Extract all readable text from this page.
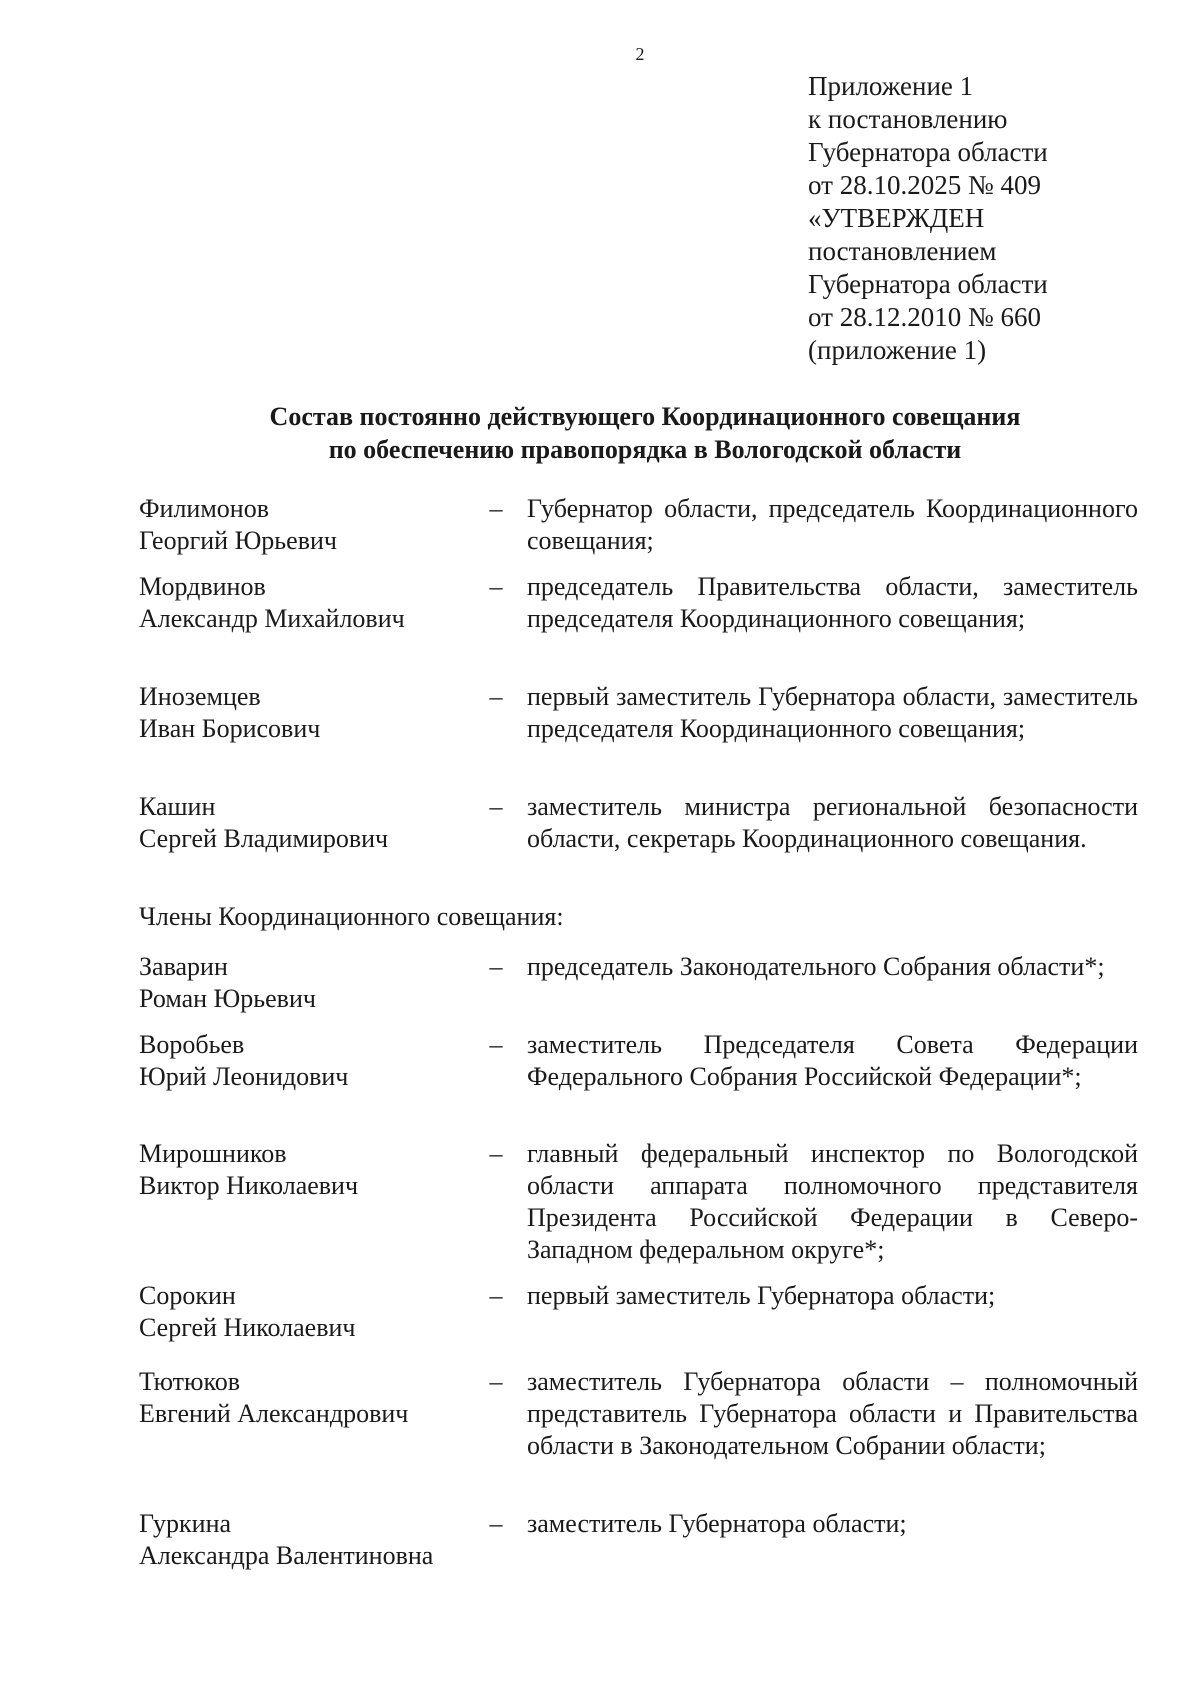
2
Приложение 1
к постановлению
Губернатора области
от 28.10.2025 № 409
«УТВЕРЖДЕН
постановлением
Губернатора области
от 28.12.2010 № 660
(приложение 1)
Состав постоянно действующего Координационного совещания
по обеспечению правопорядка в Вологодской области
Филимонов
Георгий Юрьевич
– Губернатор области, председатель Координационного совещания;
Мордвинов
Александр Михайлович
– председатель Правительства области, заместитель председателя Координационного совещания;
Иноземцев
Иван Борисович
– первый заместитель Губернатора области, заместитель председателя Координационного совещания;
Кашин
Сергей Владимирович
– заместитель министра региональной безопасности области, секретарь Координационного совещания.
Члены Координационного совещания:
Заварин
Роман Юрьевич
– председатель Законодательного Собрания области*;
Воробьев
Юрий Леонидович
– заместитель Председателя Совета Федерации Федерального Собрания Российской Федерации*;
Мирошников
Виктор Николаевич
– главный федеральный инспектор по Вологодской области аппарата полномочного представителя Президента Российской Федерации в Северо-Западном федеральном округе*;
Сорокин
Сергей Николаевич
– первый заместитель Губернатора области;
Тютюков
Евгений Александрович
– заместитель Губернатора области – полномочный представитель Губернатора области и Правительства области в Законодательном Собрании области;
Гуркина
Александра Валентиновна
– заместитель Губернатора области;
